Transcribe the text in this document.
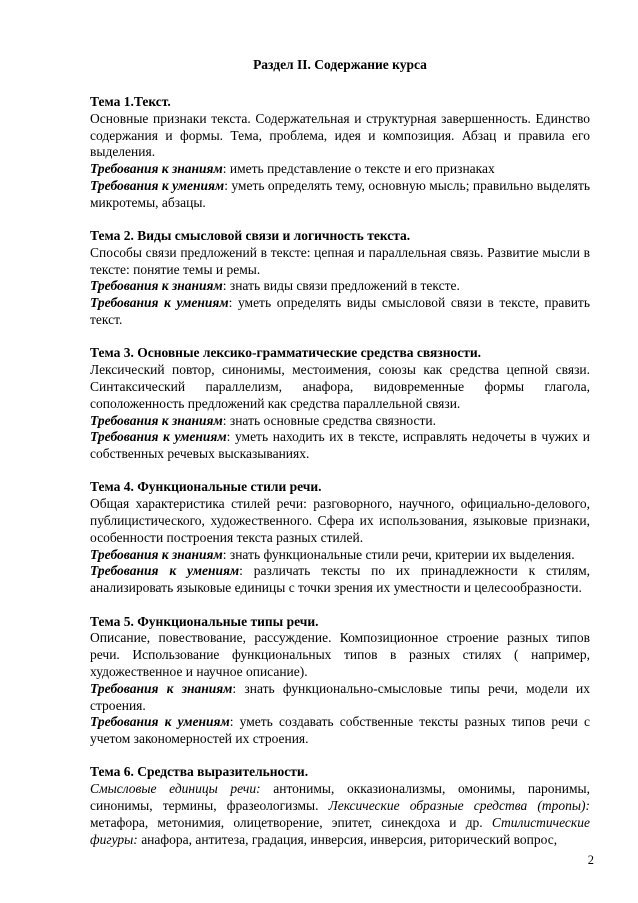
Раздел II. Содержание курса

Тема 1.Текст.

Основные признаки текста. Содержательная и структурная завершенность. Единство содержания и формы. Тема, проблема, идея и композиция. Абзац и правила его выделения.

Требования к знаниям: иметь представление о тексте и его признаках

Требования к умениям: уметь определять тему, основную мысль; правильно выделять микротемы, абзацы.

Тема 2. Виды смысловой связи и логичность текста.

Способы связи предложений в тексте: цепная и параллельная связь. Развитие мысли в тексте: понятие темы и ремы.

Требования к знаниям: знать виды связи предложений в тексте.

Требования к умениям: уметь определять виды смысловой связи в тексте, править текст.

Тема 3. Основные лексико-грамматические средства связности.

Лексический повтор, синонимы, местоимения, союзы как средства цепной связи. Синтаксический параллелизм, анафора, видовременные формы глагола, соположенность предложений как средства параллельной связи.

Требования к знаниям: знать основные средства связности.

Требования к умениям: уметь находить их в тексте, исправлять недочеты в чужих и собственных речевых высказываниях.

Тема 4. Функциональные стили речи.

Общая характеристика стилей речи: разговорного, научного, официально-делового, публицистического, художественного. Сфера их использования, языковые признаки, особенности построения текста разных стилей.

Требования к знаниям: знать функциональные стили речи, критерии их выделения.

Требования к умениям: различать тексты по их принадлежности к стилям, анализировать языковые единицы с точки зрения их уместности и целесообразности.

Тема 5. Функциональные типы речи.

Описание, повествование, рассуждение. Композиционное строение разных типов речи. Использование функциональных типов в разных стилях ( например, художественное и научное описание).

Требования к знаниям: знать функционально-смысловые типы речи, модели их строения.

Требования к умениям: уметь создавать собственные тексты разных типов речи с учетом закономерностей их строения.

Тема 6. Средства выразительности.

Смысловые единицы речи: антонимы, окказионализмы, омонимы, паронимы, синонимы, термины, фразеологизмы. Лексические образные средства (тропы): метафора, метонимия, олицетворение, эпитет, синекдоха и др. Стилистические фигуры: анафора, антитеза, градация, инверсия, инверсия, риторический вопрос,

2
